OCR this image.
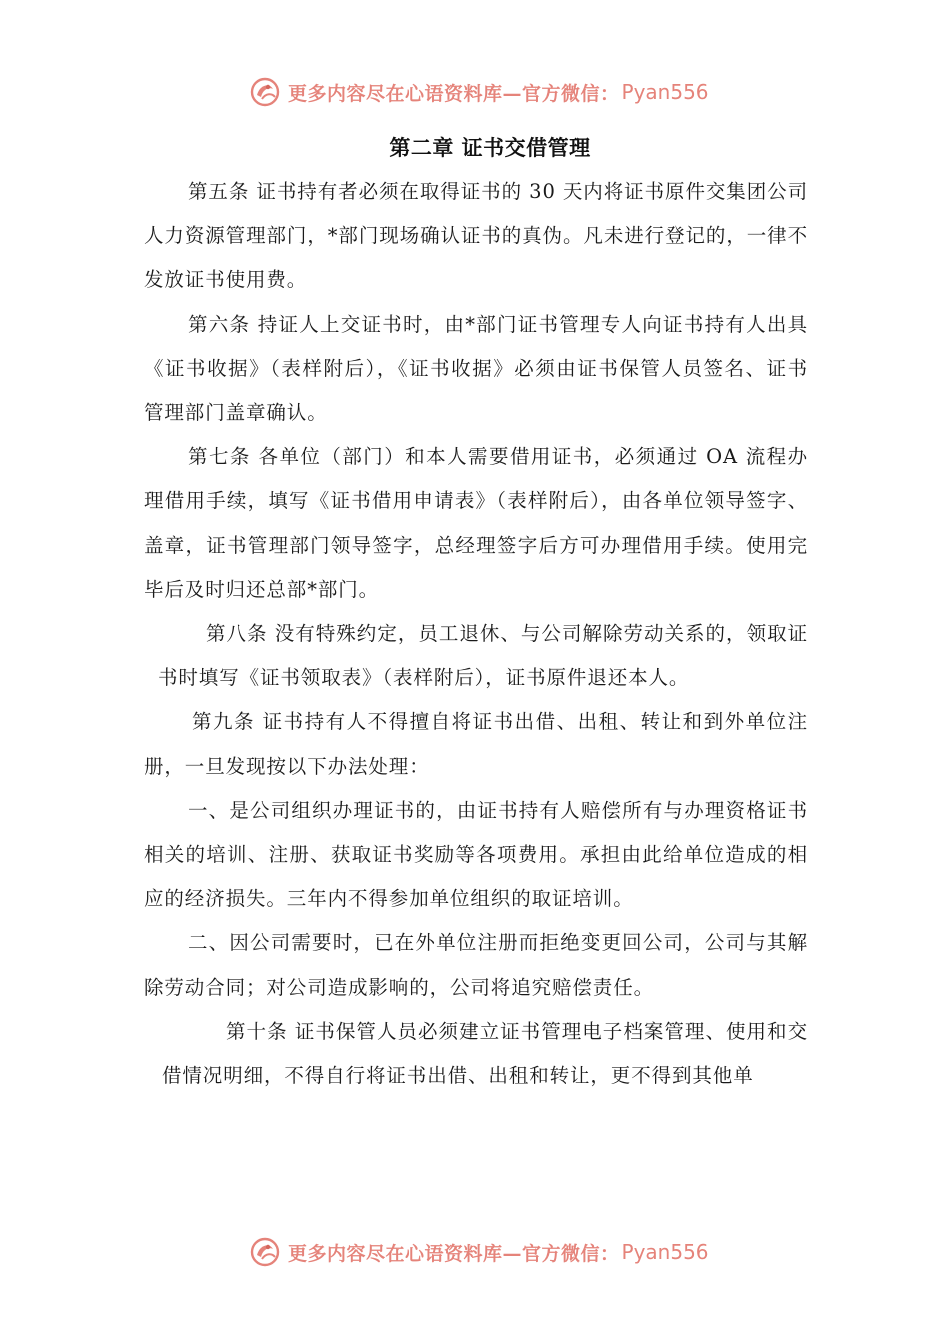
更多内容尽在心语资料库—官方微信： Pyan556
第二章 证书交借管理

第五条 证书持有者必须在取得证书的 30 天内将证书原件交集团公司人力资源管理部门，*部门现场确认证书的真伪。凡未进行登记的，一律不发放证书使用费。

第六条 持证人上交证书时，由*部门证书管理专人向证书持有人出具《证书收据》（表样附后），《证书收据》必须由证书保管人员签名、证书管理部门盖章确认。

第七条 各单位（部门）和本人需要借用证书，必须通过 OA 流程办理借用手续，填写《证书借用申请表》（表样附后），由各单位领导签字、盖章，证书管理部门领导签字，总经理签字后方可办理借用手续。使用完毕后及时归还总部*部门。

第八条 没有特殊约定，员工退休、与公司解除劳动关系的，领取证书时填写《证书领取表》（表样附后），证书原件退还本人。

第九条 证书持有人不得擅自将证书出借、出租、转让和到外单位注册，一旦发现按以下办法处理：

一、是公司组织办理证书的，由证书持有人赔偿所有与办理资格证书相关的培训、注册、获取证书奖励等各项费用。承担由此给单位造成的相应的经济损失。三年内不得参加单位组织的取证培训。

二、因公司需要时，已在外单位注册而拒绝变更回公司，公司与其解除劳动合同；对公司造成影响的，公司将追究赔偿责任。

第十条 证书保管人员必须建立证书管理电子档案管理、使用和交借情况明细，不得自行将证书出借、出租和转让，更不得到其他单

更多内容尽在心语资料库—官方微信： Pyan556
